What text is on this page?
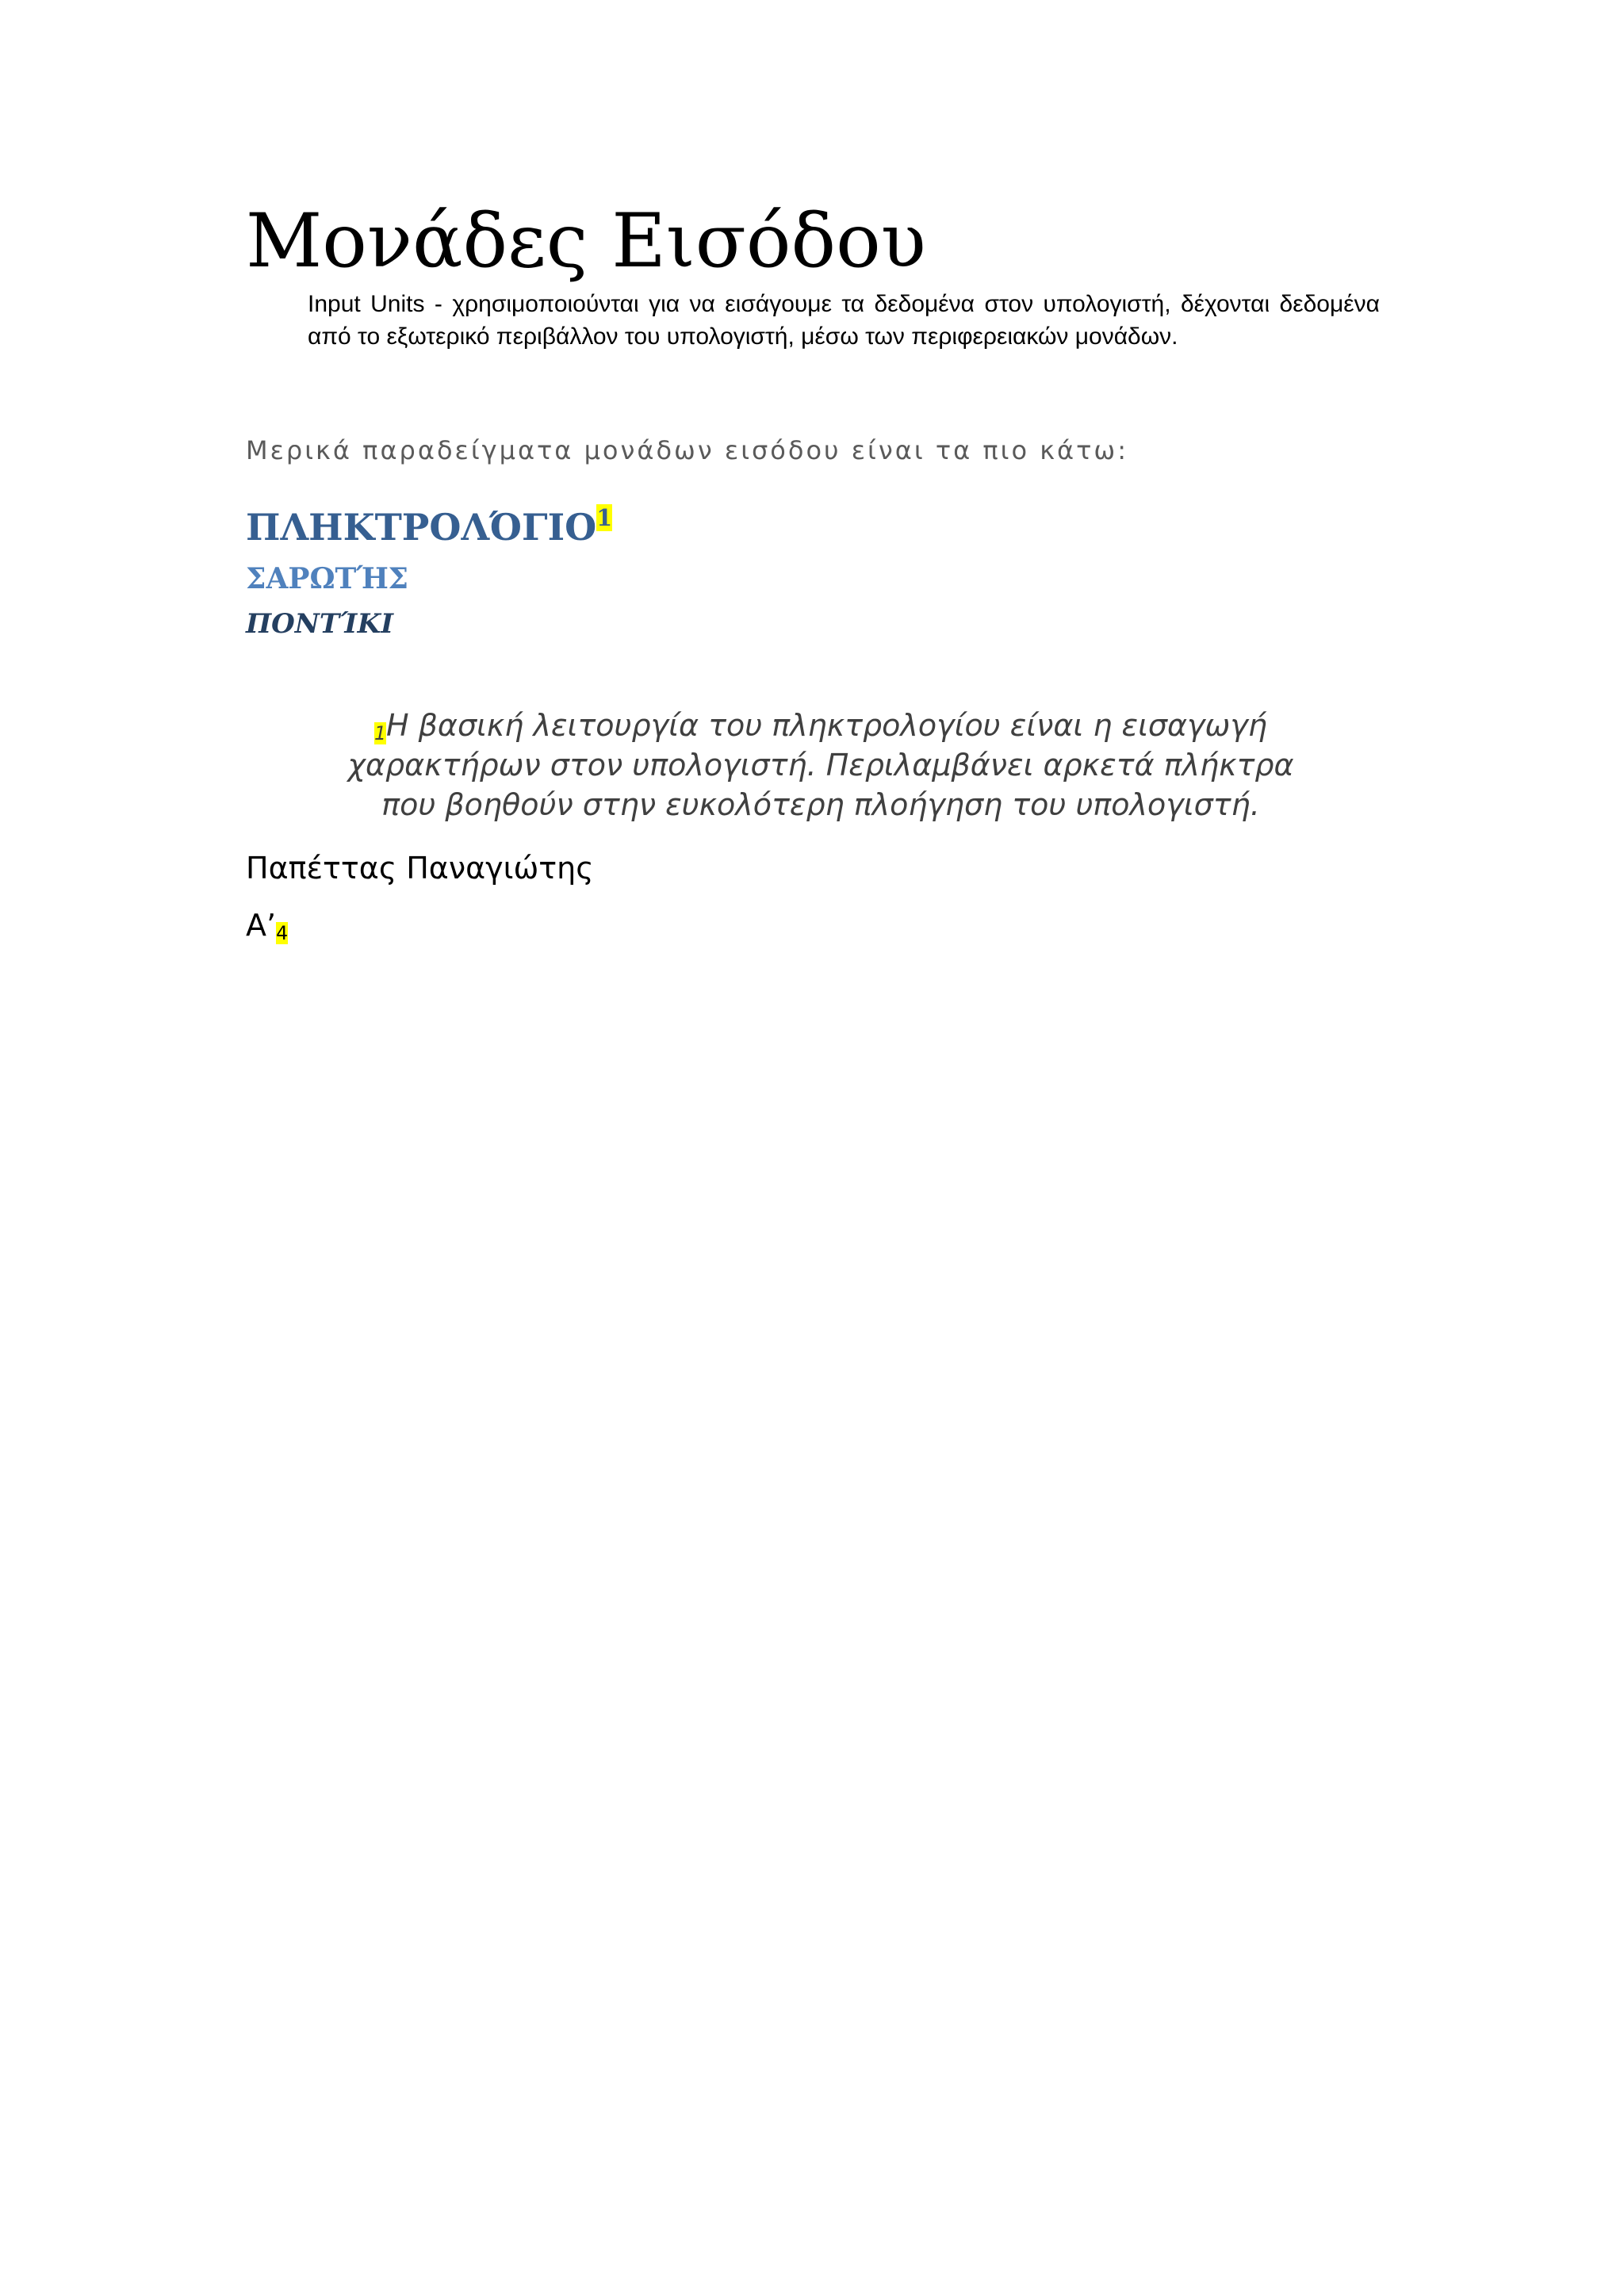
Μονάδες Εισόδου

Input Units - χρησιμοποιούνται για να εισάγουμε τα δεδομένα στον υπολογιστή, δέχονται δεδομένα από το εξωτερικό περιβάλλον του υπολογιστή, μέσω των περιφερειακών μονάδων.

Μερικά παραδείγματα μονάδων εισόδου είναι τα πιο κάτω:

ΠΛΗΚΤΡΟΛΌΓΙΟ$^1$
ΣΑΡΩΤΉΣ
ΠΟΝΤΊΚΙ

1Η βασική λειτουργία του πληκτρολογίου είναι η εισαγωγή χαρακτήρων στον υπολογιστή. Περιλαμβάνει αρκετά πλήκτρα που βοηθούν στην ευκολότερη πλοήγηση του υπολογιστή.

Παπέττας Παναγιώτης

Α’4
